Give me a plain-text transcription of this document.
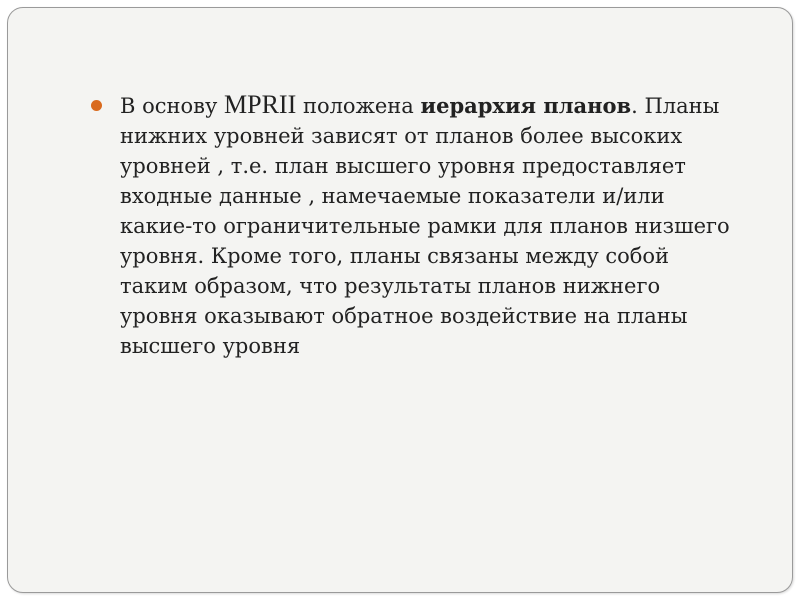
В основу MPRII положена иерархия планов. Планы нижних уровней зависят от планов более высоких уровней , т.е. план высшего уровня предоставляет входные данные , намечаемые показатели и/или какие-то ограничительные рамки для планов низшего уровня. Кроме того, планы связаны между собой таким образом, что результаты планов нижнего уровня оказывают обратное воздействие на планы высшего уровня
